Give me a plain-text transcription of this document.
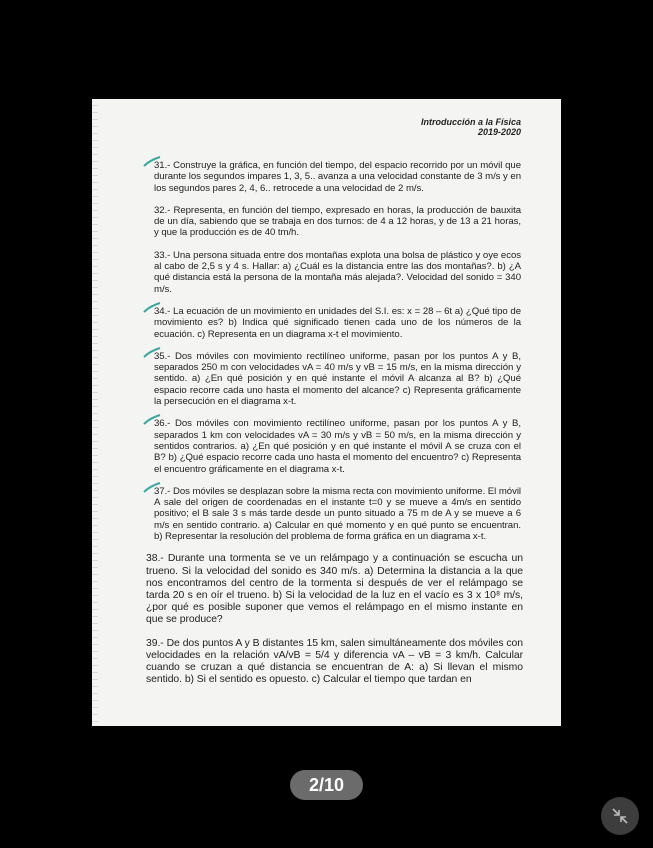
Introducción a la Física
2019-2020
31.- Construye la gráfica, en función del tiempo, del espacio recorrido por un móvil que durante los segundos impares 1, 3, 5.. avanza a una velocidad constante de 3 m/s y en los segundos pares 2, 4, 6.. retrocede a una velocidad de 2 m/s.
32.- Representa, en función del tiempo, expresado en horas, la producción de bauxita de un día, sabiendo que se trabaja en dos turnos: de 4 a 12 horas, y de 13 a 21 horas, y que la producción es de 40 tm/h.
33.- Una persona situada entre dos montañas explota una bolsa de plástico y oye ecos al cabo de 2,5 s y 4 s. Hallar: a) ¿Cuál es la distancia entre las dos montañas?. b) ¿A qué distancia está la persona de la montaña más alejada?. Velocidad del sonido = 340 m/s.
34.- La ecuación de un movimiento en unidades del S.I. es: x = 28 – 6t a) ¿Qué tipo de movimiento es? b) Indica qué significado tienen cada uno de los números de la ecuación. c) Representa en un diagrama x-t el movimiento.
35.- Dos móviles con movimiento rectilíneo uniforme, pasan por los puntos A y B, separados 250 m con velocidades vA = 40 m/s y vB = 15 m/s, en la misma dirección y sentido. a) ¿En qué posición y en qué instante el móvil A alcanza al B? b) ¿Qué espacio recorre cada uno hasta el momento del alcance? c) Representa gráficamente la persecución en el diagrama x-t.
36.- Dos móviles con movimiento rectilíneo uniforme, pasan por los puntos A y B, separados 1 km con velocidades vA = 30 m/s y vB = 50 m/s, en la misma dirección y sentidos contrarios. a) ¿En qué posición y en qué instante el móvil A se cruza con el B? b) ¿Qué espacio recorre cada uno hasta el momento del encuentro? c) Representa el encuentro gráficamente en el diagrama x-t.
37.- Dos móviles se desplazan sobre la misma recta con movimiento uniforme. El móvil A sale del origen de coordenadas en el instante t=0 y se mueve a 4m/s en sentido positivo; el B sale 3 s más tarde desde un punto situado a 75 m de A y se mueve a 6 m/s en sentido contrario. a) Calcular en qué momento y en qué punto se encuentran. b) Representar la resolución del problema de forma gráfica en un diagrama x-t.
38.- Durante una tormenta se ve un relámpago y a continuación se escucha un trueno. Si la velocidad del sonido es 340 m/s. a) Determina la distancia a la que nos encontramos del centro de la tormenta si después de ver el relámpago se tarda 20 s en oír el trueno. b) Si la velocidad de la luz en el vacío es 3 x 10⁸ m/s, ¿por qué es posible suponer que vemos el relámpago en el mismo instante en que se produce?
39.- De dos puntos A y B distantes 15 km, salen simultáneamente dos móviles con velocidades en la relación vA/vB = 5/4 y diferencia vA – vB = 3 km/h. Calcular cuando se cruzan a qué distancia se encuentran de A: a) Si llevan el mismo sentido. b) Si el sentido es opuesto. c) Calcular el tiempo que tardan en
2/10
